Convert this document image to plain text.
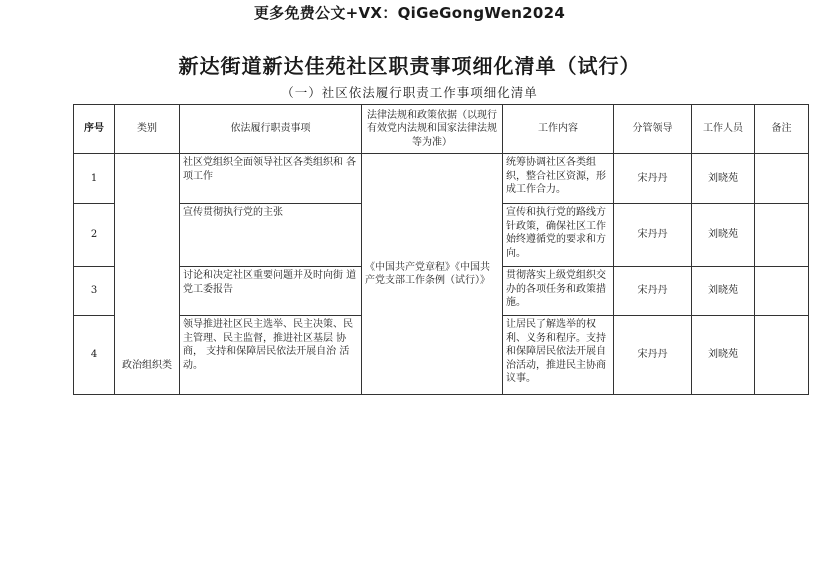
更多免费公文+VX：QiGeGongWen2024
新达街道新达佳苑社区职责事项细化清单（试行）
（一）社区依法履行职责工作事项细化清单
序号	类别	依法履行职责事项	法律法规和政策依据（以现行有效党内法规和国家法律法规等为准）	工作内容	分管领导	工作人员	备注
1	政治组织类	社区党组织全面领导社区各类组织和 各项工作	《中国共产党章程》《中国共产党支部工作条例（试行）》	统筹协调社区各类组织，整合社区资源，形 成工作合力。	宋丹丹	刘晓苑	
2		宣传贯彻执行党的主张		宣传和执行党的路线方 针政策，确保社区工作 始终遵循党的要求和方 向。	宋丹丹	刘晓苑	
3		讨论和决定社区重要问题并及时向街 道党工委报告		贯彻落实上级党组织交 办的各项任务和政策措 施。	宋丹丹	刘晓苑	
4		领导推进社区民主选举、民主决策、民 主管理、民主监督，推进社区基层 协商， 支持和保障居民依法开展自治 活动。		让居民了解选举的权利、义务和程序。支持 和保障居民依法开展自 治活动，推进民主协商 议事。	宋丹丹	刘晓苑	
